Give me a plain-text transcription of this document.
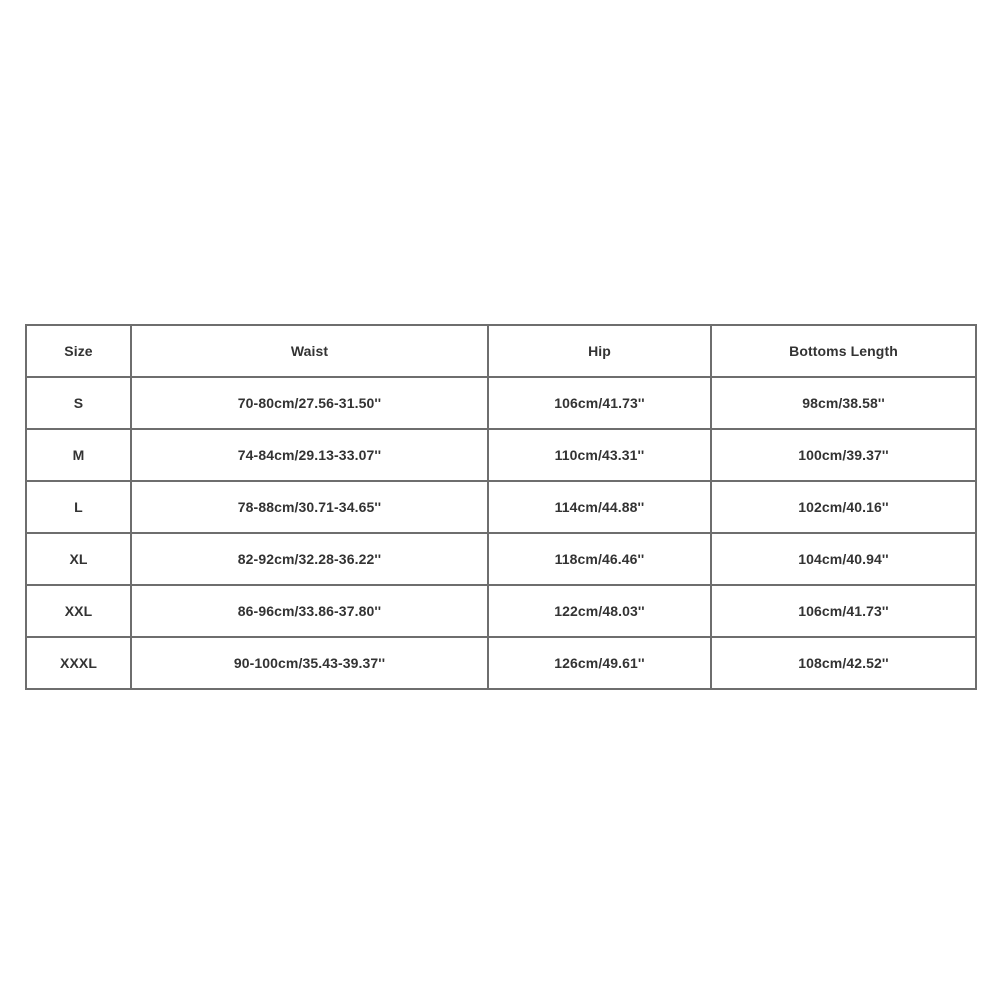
Size	Waist	Hip	Bottoms Length
S	70-80cm/27.56-31.50''	106cm/41.73''	98cm/38.58''
M	74-84cm/29.13-33.07''	110cm/43.31''	100cm/39.37''
L	78-88cm/30.71-34.65''	114cm/44.88''	102cm/40.16''
XL	82-92cm/32.28-36.22''	118cm/46.46''	104cm/40.94''
XXL	86-96cm/33.86-37.80''	122cm/48.03''	106cm/41.73''
XXXL	90-100cm/35.43-39.37''	126cm/49.61''	108cm/42.52''
